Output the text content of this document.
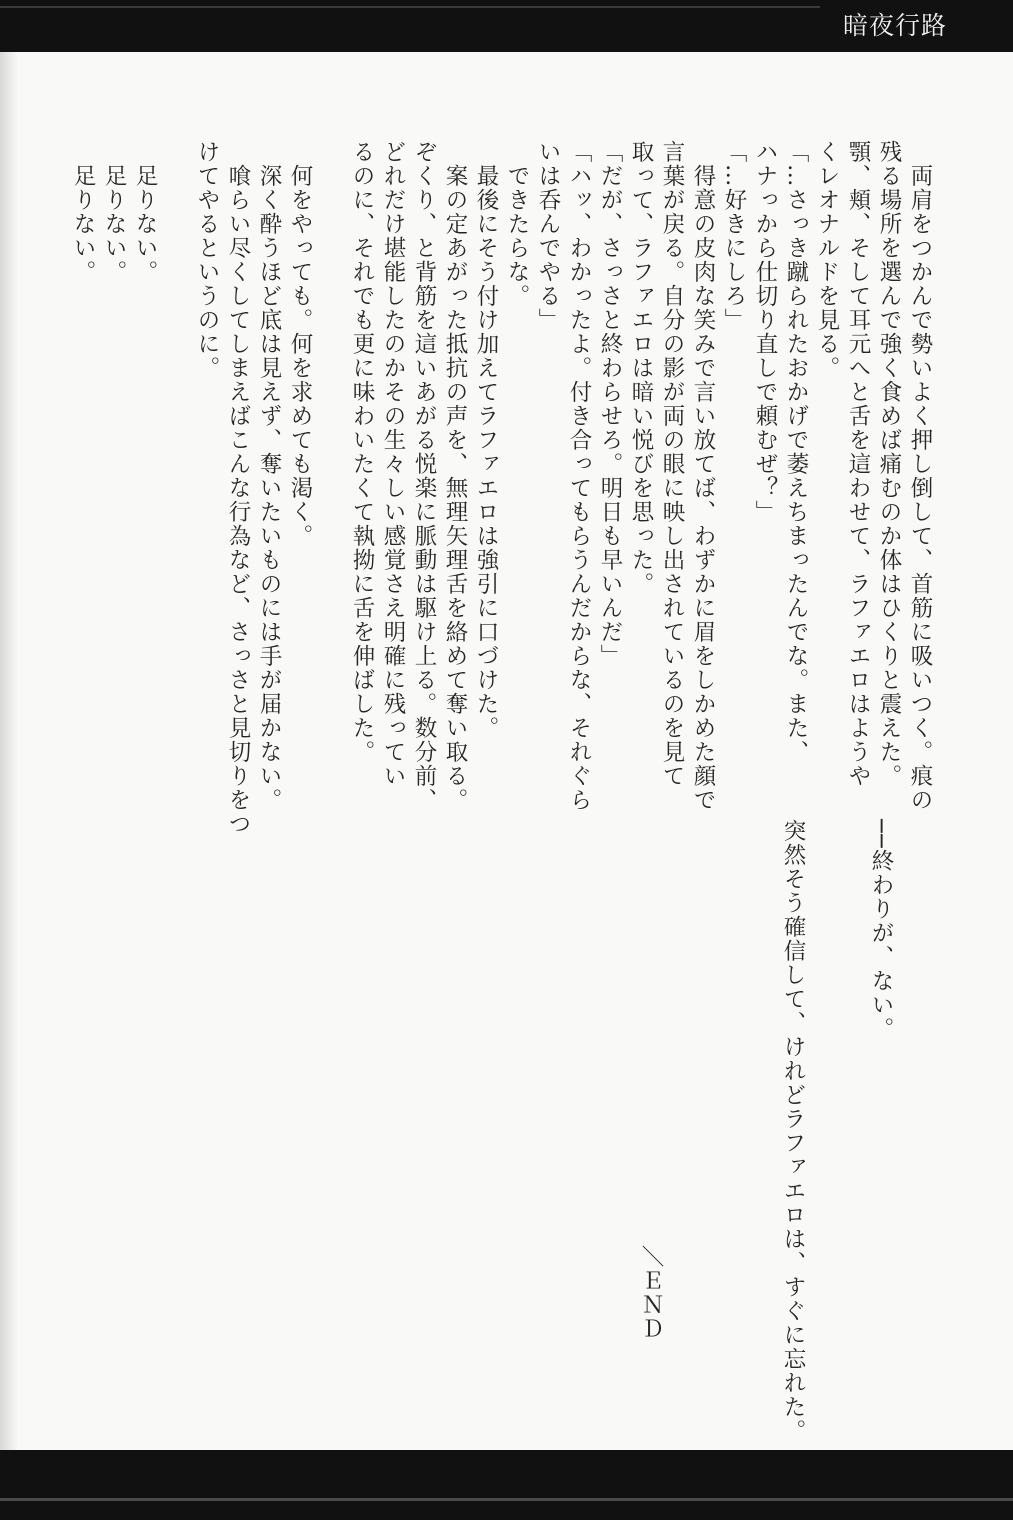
暗夜行路
　両肩をつかんで勢いよく押し倒して、首筋に吸いつく。痕の
残る場所を選んで強く食めば痛むのか体はひくりと震えた。
顎、頬、そして耳元へと舌を這わせて、ラファエロはようや
くレオナルドを見る。
「…さっき蹴られたおかげで萎えちまったんでな。また、
ハナっから仕切り直しで頼むぜ？」
「…好きにしろ」
　得意の皮肉な笑みで言い放てば、わずかに眉をしかめた顔で
言葉が戻る。自分の影が両の眼に映し出されているのを見て
取って、ラファエロは暗い悦びを思った。
「だが、さっさと終わらせろ。明日も早いんだ」
「ハッ、わかったよ。付き合ってもらうんだからな、それぐら
いは呑んでやる」
　できたらな。
　最後にそう付け加えてラファエロは強引に口づけた。
　案の定あがった抵抗の声を、無理矢理舌を絡めて奪い取る。
ぞくり、と背筋を這いあがる悦楽に脈動は駆け上る。数分前、
どれだけ堪能したのかその生々しい感覚さえ明確に残ってい
るのに、それでも更に味わいたくて執拗に舌を伸ばした。
　何をやっても。何を求めても渇く。
　深く酔うほど底は見えず、奪いたいものには手が届かない。
　喰らい尽くしてしまえばこんな行為など、さっさと見切りをつ
けてやるというのに。
　足りない。
　足りない。
　足りない。
　──終わりが、ない。
　突然そう確信して、けれどラファエロは、すぐに忘れた。
＼ＥＮＤ
